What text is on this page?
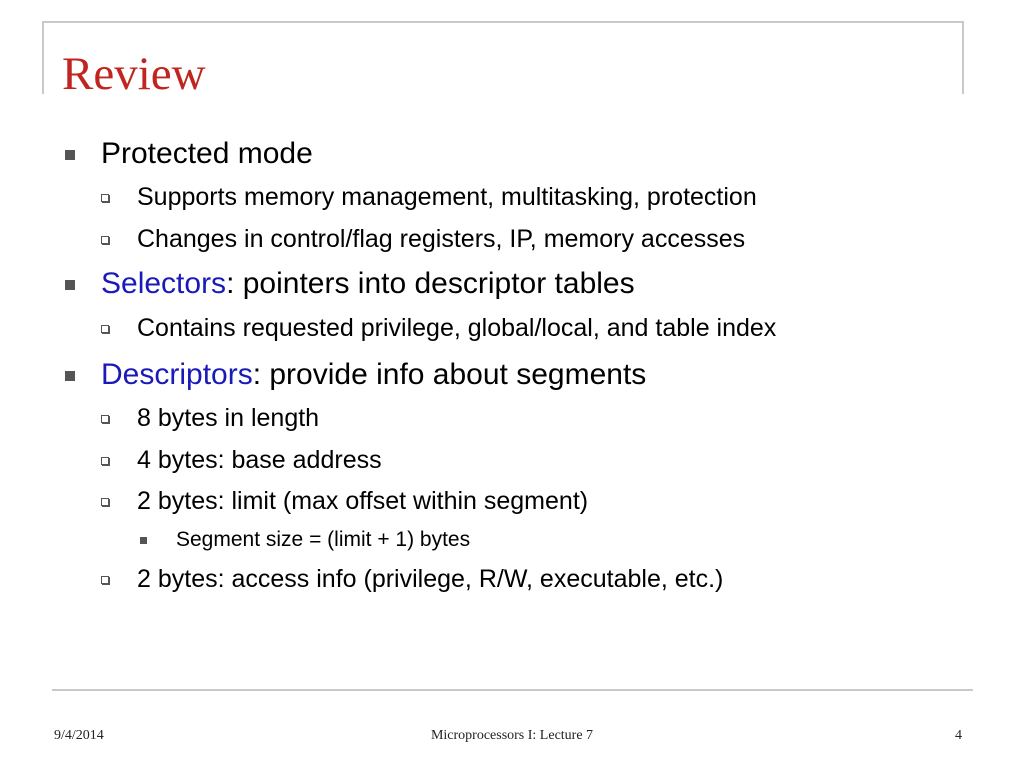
Review
Protected mode
Supports memory management, multitasking, protection
Changes in control/flag registers, IP, memory accesses
Selectors: pointers into descriptor tables
Contains requested privilege, global/local, and table index
Descriptors: provide info about segments
8 bytes in length
4 bytes: base address
2 bytes: limit (max offset within segment)
Segment size = (limit + 1) bytes
2 bytes: access info (privilege, R/W, executable, etc.)
9/4/2014	Microprocessors I: Lecture 7	4
